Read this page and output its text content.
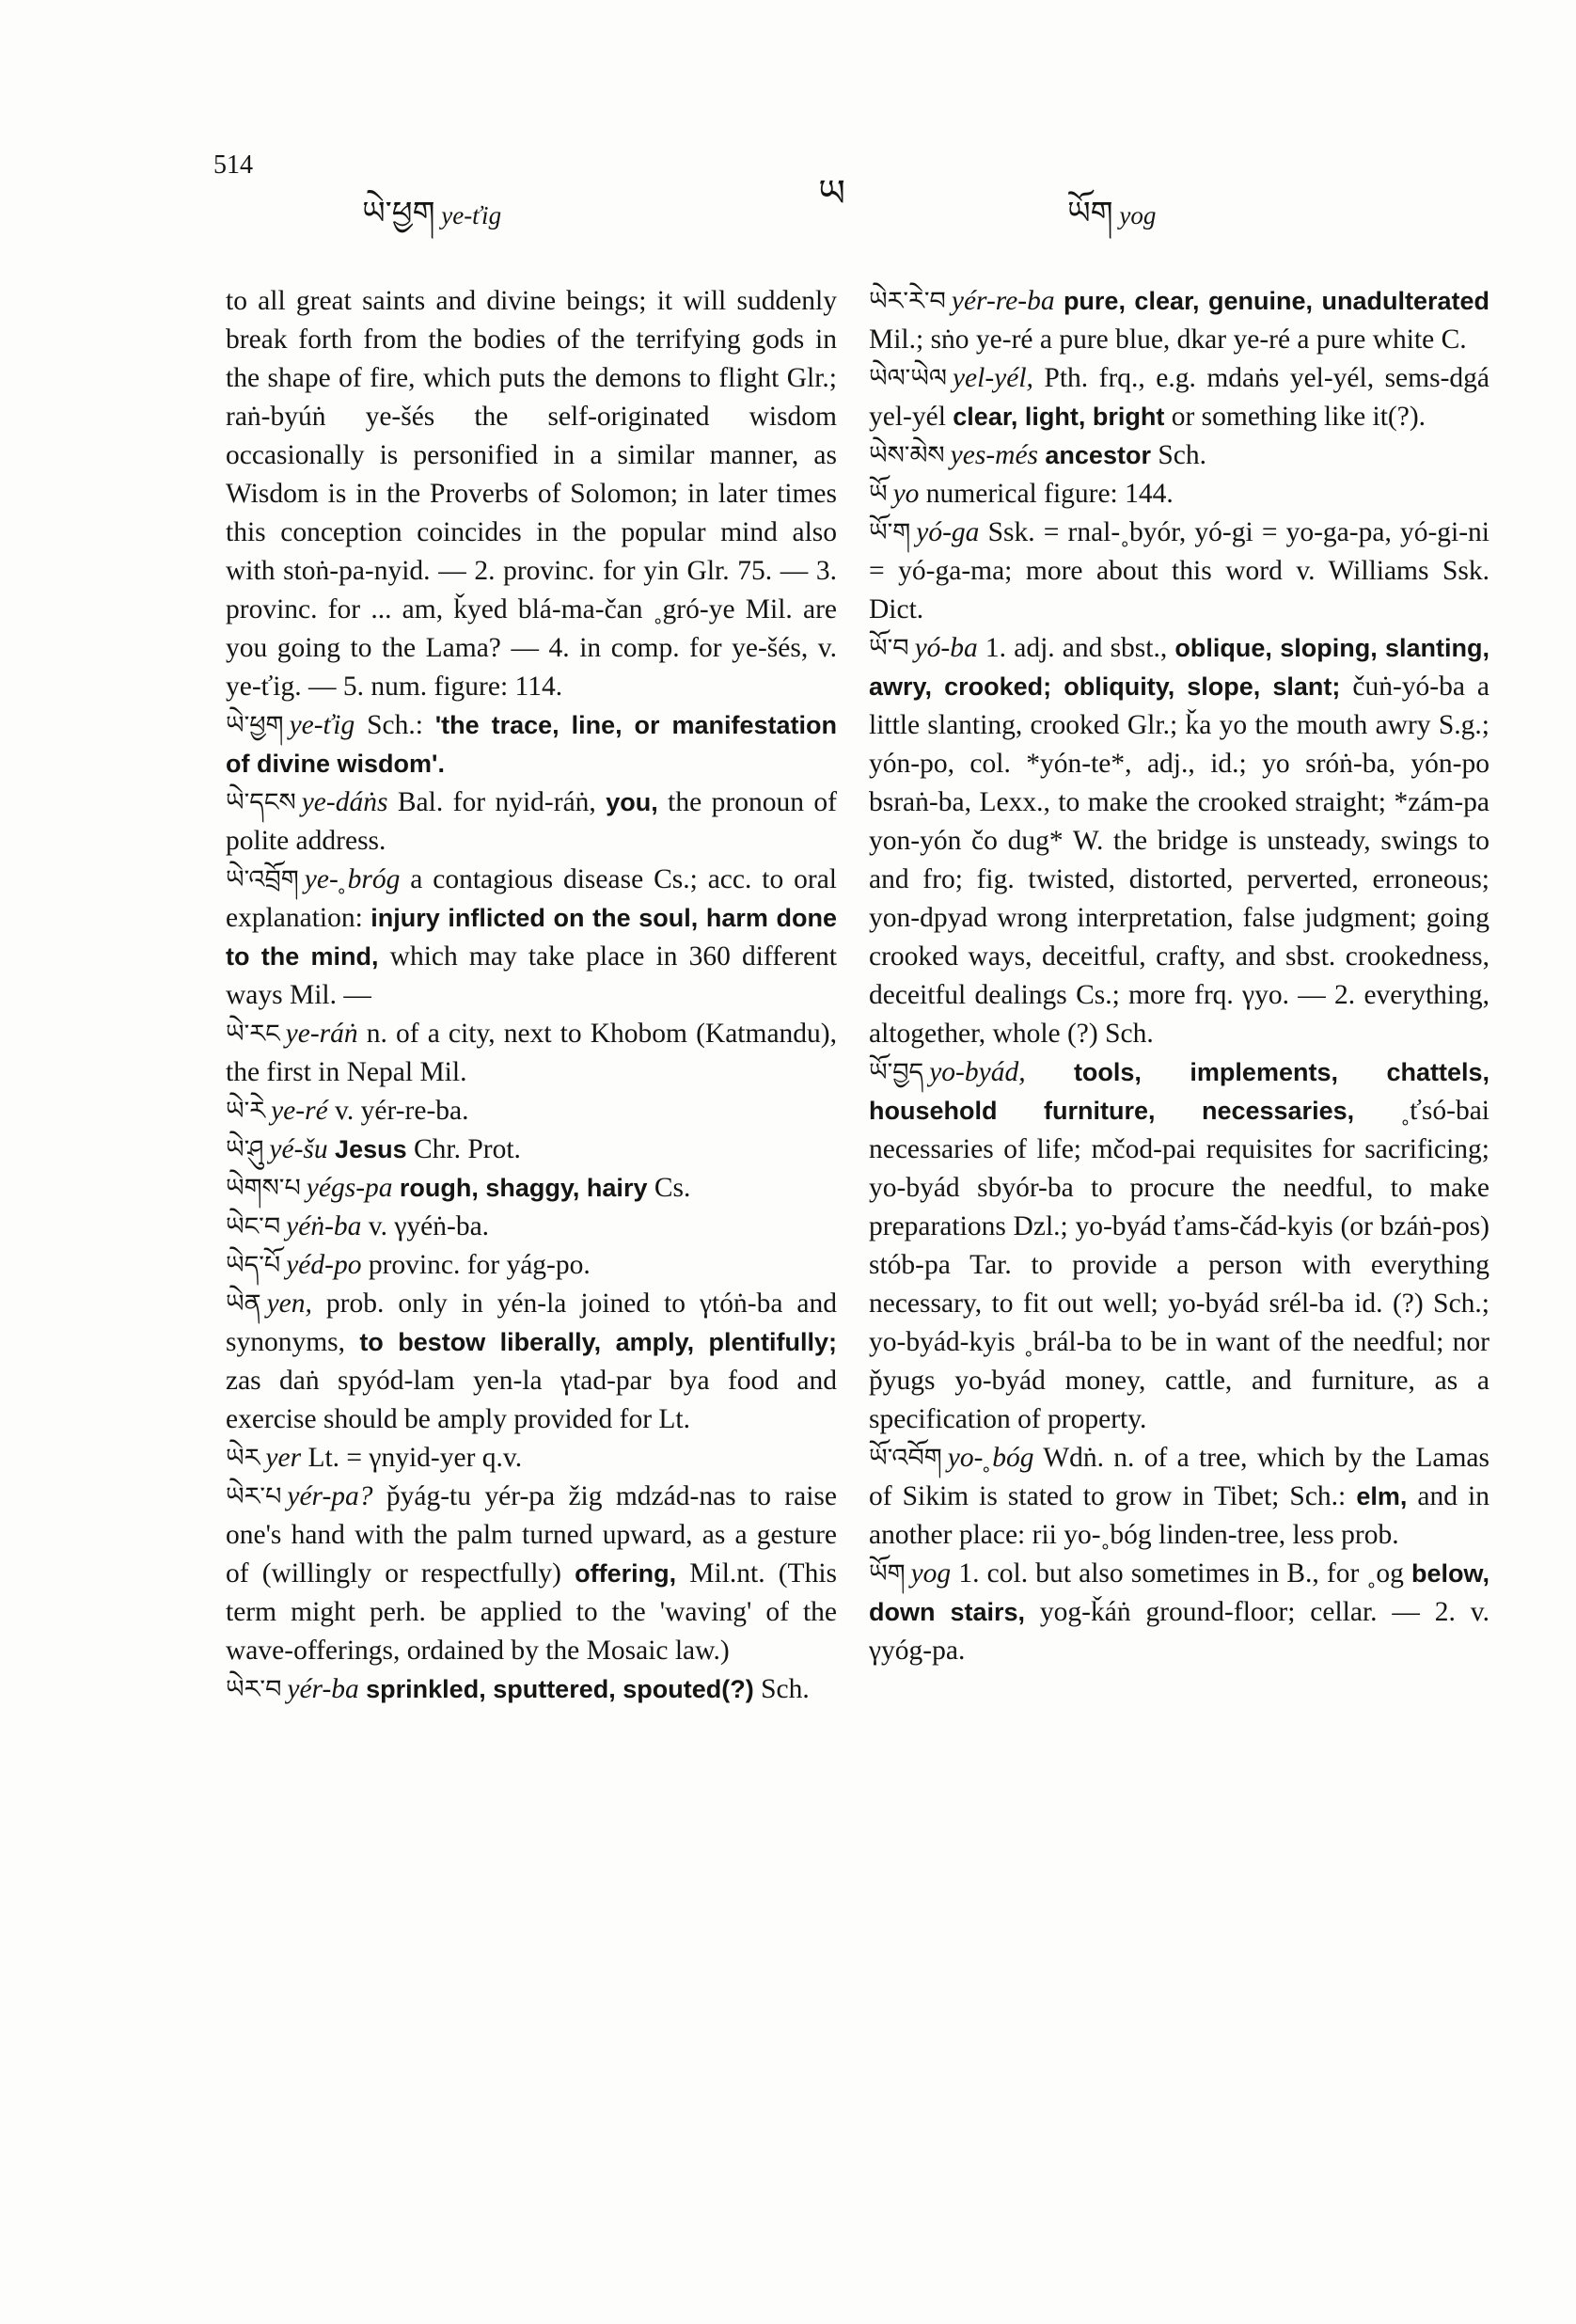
514
ཡེ་ཕྱག ye-ťig	ཡ	ཡོག yog

to all great saints and divine beings; it will suddenly break forth from the bodies of the terrifying gods in the shape of fire, which puts the demons to flight Glr.; raṅ-byúṅ ye-šés the self-originated wisdom occasionally is personified in a similar manner, as Wisdom is in the Proverbs of Solomon; in later times this conception coincides in the popular mind also with stoṅ-pa-nyid. — 2. provinc. for yin Glr. 75. — 3. provinc. for ... am, ǩyed blá-ma-čan ˳gró-ye Mil. are you going to the Lama? — 4. in comp. for ye-šés, v. ye-ťig. — 5. num. figure: 114.

ཡེ་ཕྱག ye-ťig Sch.: 'the trace, line, or manifestation of divine wisdom'.

ཡེ་དངས ye-dáṅs Bal. for nyid-ráṅ, you, the pronoun of polite address.

ཡེ་འབྲོག ye-˳bróg a contagious disease Cs.; acc. to oral explanation: injury inflicted on the soul, harm done to the mind, which may take place in 360 different ways Mil. —

ཡེ་རང ye-ráṅ n. of a city, next to Khobom (Katmandu), the first in Nepal Mil.

ཡེ་རེ ye-ré v. yér-re-ba.

ཡེ་ཤུ yé-šu Jesus Chr. Prot.

ཡེགས་པ yégs-pa rough, shaggy, hairy Cs.

ཡེང་བ yéṅ-ba v. γyéṅ-ba.

ཡེད་པོ yéd-po provinc. for yág-po.

ཡེན yen, prob. only in yén-la joined to γtóṅ-ba and synonyms, to bestow liberally, amply, plentifully; zas daṅ spyód-lam yen-la γtad-par bya food and exercise should be amply provided for Lt.

ཡེར yer Lt. = γnyid-yer q.v.

ཡེར་པ yér-pa? p̌yág-tu yér-pa žig mdzád-nas to raise one's hand with the palm turned upward, as a gesture of (willingly or respectfully) offering, Mil.nt. (This term might perh. be applied to the 'waving' of the wave-offerings, ordained by the Mosaic law.)

ཡེར་བ yér-ba sprinkled, sputtered, spouted(?) Sch.

ཡེར་རེ་བ yér-re-ba pure, clear, genuine, unadulterated Mil.; sṅo ye-ré a pure blue, dkar ye-ré a pure white C.

ཡེལ་ཡེལ yel-yél, Pth. frq., e.g. mdaṅs yel-yél, sems-dgá yel-yél clear, light, bright or something like it(?).

ཡེས་མེས yes-més ancestor Sch.

ཡོ yo numerical figure: 144.

ཡོ་ག yó-ga Ssk. = rnal-˳byór, yó-gi = yo-ga-pa, yó-gi-ni = yó-ga-ma; more about this word v. Williams Ssk. Dict.

ཡོ་བ yó-ba 1. adj. and sbst., oblique, sloping, slanting, awry, crooked; obliquity, slope, slant; čuṅ-yó-ba a little slanting, crooked Glr.; ǩa yo the mouth awry S.g.; yón-po, col. *yón-te*, adj., id.; yo sróṅ-ba, yón-po bsraṅ-ba, Lexx., to make the crooked straight; *zám-pa yon-yón čo dug* W. the bridge is unsteady, swings to and fro; fig. twisted, distorted, perverted, erroneous; yon-dpyad wrong interpretation, false judgment; going crooked ways, deceitful, crafty, and sbst. crookedness, deceitful dealings Cs.; more frq. γyo. — 2. everything, altogether, whole (?) Sch.

ཡོ་བྱད yo-byád, tools, implements, chattels, household furniture, necessaries, ˳ťsó-bai necessaries of life; mčod-pai requisites for sacrificing; yo-byád sbyór-ba to procure the needful, to make preparations Dzl.; yo-byád ťams-čád-kyis (or bzáṅ-pos) stób-pa Tar. to provide a person with everything necessary, to fit out well; yo-byád srél-ba id. (?) Sch.; yo-byád-kyis ˳brál-ba to be in want of the needful; nor p̌yugs yo-byád money, cattle, and furniture, as a specification of property.

ཡོ་འབོག yo-˳bóg Wdṅ. n. of a tree, which by the Lamas of Sikim is stated to grow in Tibet; Sch.: elm, and in another place: rii yo-˳bóg linden-tree, less prob.

ཡོག yog 1. col. but also sometimes in B., for ˳og below, down stairs, yog-ǩáṅ ground-floor; cellar. — 2. v. γyóg-pa.
